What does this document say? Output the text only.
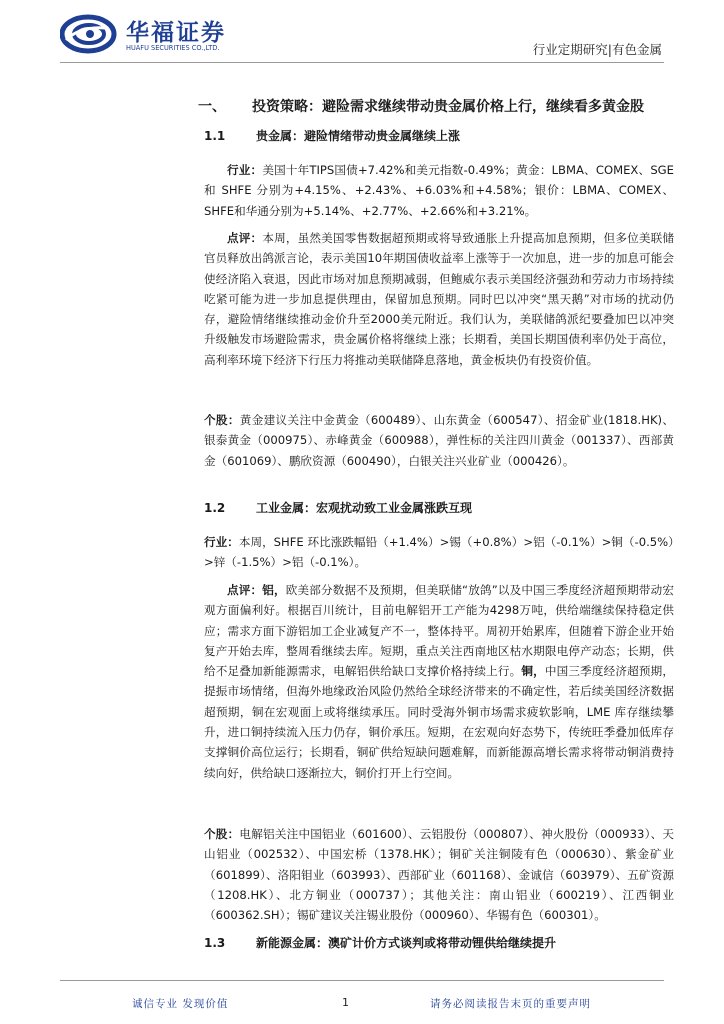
华福证券
HUAFU SECURITIES CO.,LTD.	行业定期研究|有色金属
一、 投资策略：避险需求继续带动贵金属价格上行，继续看多黄金股
1.1	贵金属：避险情绪带动贵金属继续上涨
行业：美国十年TIPS国债+7.42%和美元指数-0.49%；黄金：LBMA、COMEX、SGE 和 SHFE 分别为+4.15%、+2.43%、+6.03%和+4.58%；银价：LBMA、COMEX、SHFE和华通分别为+5.14%、+2.77%、+2.66%和+3.21%。
点评：本周，虽然美国零售数据超预期或将导致通胀上升提高加息预期，但多位美联储官员释放出鸽派言论，表示美国10年期国债收益率上涨等于一次加息，进一步的加息可能会使经济陷入衰退，因此市场对加息预期减弱，但鲍威尔表示美国经济强劲和劳动力市场持续吃紧可能为进一步加息提供理由，保留加息预期。同时巴以冲突“黑天鹅”对市场的扰动仍存，避险情绪继续推动金价升至2000美元附近。我们认为，美联储鸽派纪要叠加巴以冲突升级触发市场避险需求，贵金属价格将继续上涨；长期看，美国长期国债利率仍处于高位，高利率环境下经济下行压力将推动美联储降息落地，黄金板块仍有投资价值。
个股：黄金建议关注中金黄金（600489）、山东黄金（600547）、招金矿业(1818.HK)、银泰黄金（000975）、赤峰黄金（600988），弹性标的关注四川黄金（001337）、西部黄金（601069）、鹏欣资源（600490），白银关注兴业矿业（000426）。
1.2	工业金属：宏观扰动致工业金属涨跌互现
行业：本周，SHFE 环比涨跌幅铅（+1.4%）>锡（+0.8%）>铝（-0.1%）>铜（-0.5%）>锌（-1.5%）>铝（-0.1%）。
点评：铝，欧美部分数据不及预期，但美联储“放鸽”以及中国三季度经济超预期带动宏观方面偏利好。根据百川统计，目前电解铝开工产能为4298万吨，供给端继续保持稳定供应；需求方面下游铝加工企业减复产不一，整体持平。周初开始累库，但随着下游企业开始复产开始去库，整周看继续去库。短期，重点关注西南地区枯水期限电停产动态；长期，供给不足叠加新能源需求，电解铝供给缺口支撑价格持续上行。铜，中国三季度经济超预期，提振市场情绪，但海外地缘政治风险仍然给全球经济带来的不确定性，若后续美国经济数据超预期，铜在宏观面上或将继续承压。同时受海外铜市场需求疲软影响，LME 库存继续攀升，进口铜持续流入压力仍存，铜价承压。短期，在宏观向好态势下，传统旺季叠加低库存支撑铜价高位运行；长期看，铜矿供给短缺问题难解，而新能源高增长需求将带动铜消费持续向好，供给缺口逐渐拉大，铜价打开上行空间。
个股：电解铝关注中国铝业（601600）、云铝股份（000807）、神火股份（000933）、天山铝业（002532）、中国宏桥（1378.HK）；铜矿关注铜陵有色（000630）、紫金矿业（601899）、洛阳钼业（603993）、西部矿业（601168）、金诚信（603979）、五矿资源（1208.HK）、北方铜业（000737）；其他关注：南山铝业（600219）、江西铜业（600362.SH）；锡矿建议关注锡业股份（000960）、华锡有色（600301）。
1.3	新能源金属：澳矿计价方式谈判或将带动锂供给继续提升
诚信专业 发现价值	1	请务必阅读报告末页的重要声明
